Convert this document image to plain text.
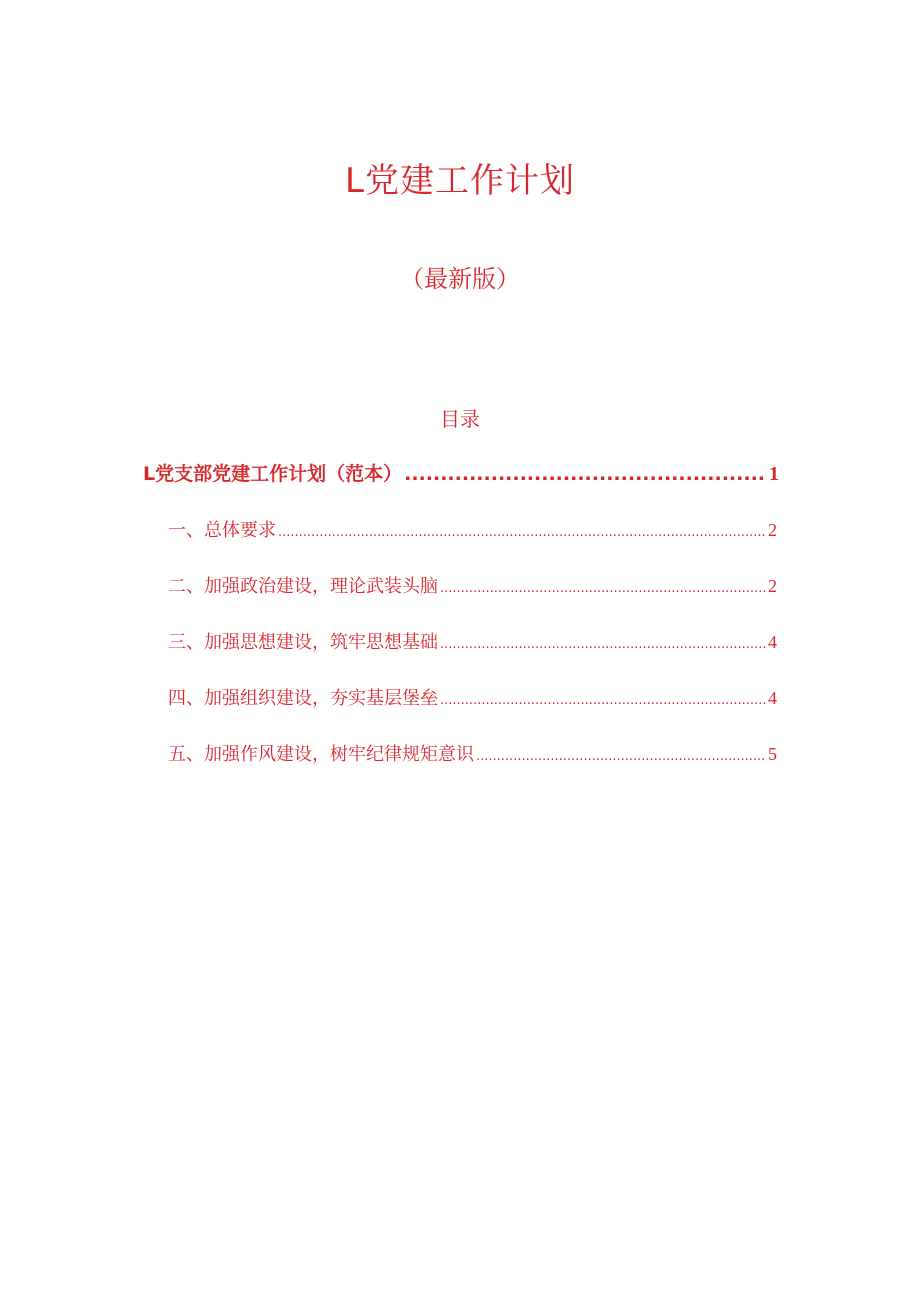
L党建工作计划
（最新版）
目录
L党支部党建工作计划（范本） .....	1
一、总体要求 .....	2
二、加强政治建设，理论武装头脑 .....	2
三、加强思想建设，筑牢思想基础 .....	4
四、加强组织建设，夯实基层堡垒 .....	4
五、加强作风建设，树牢纪律规矩意识 .....	5
